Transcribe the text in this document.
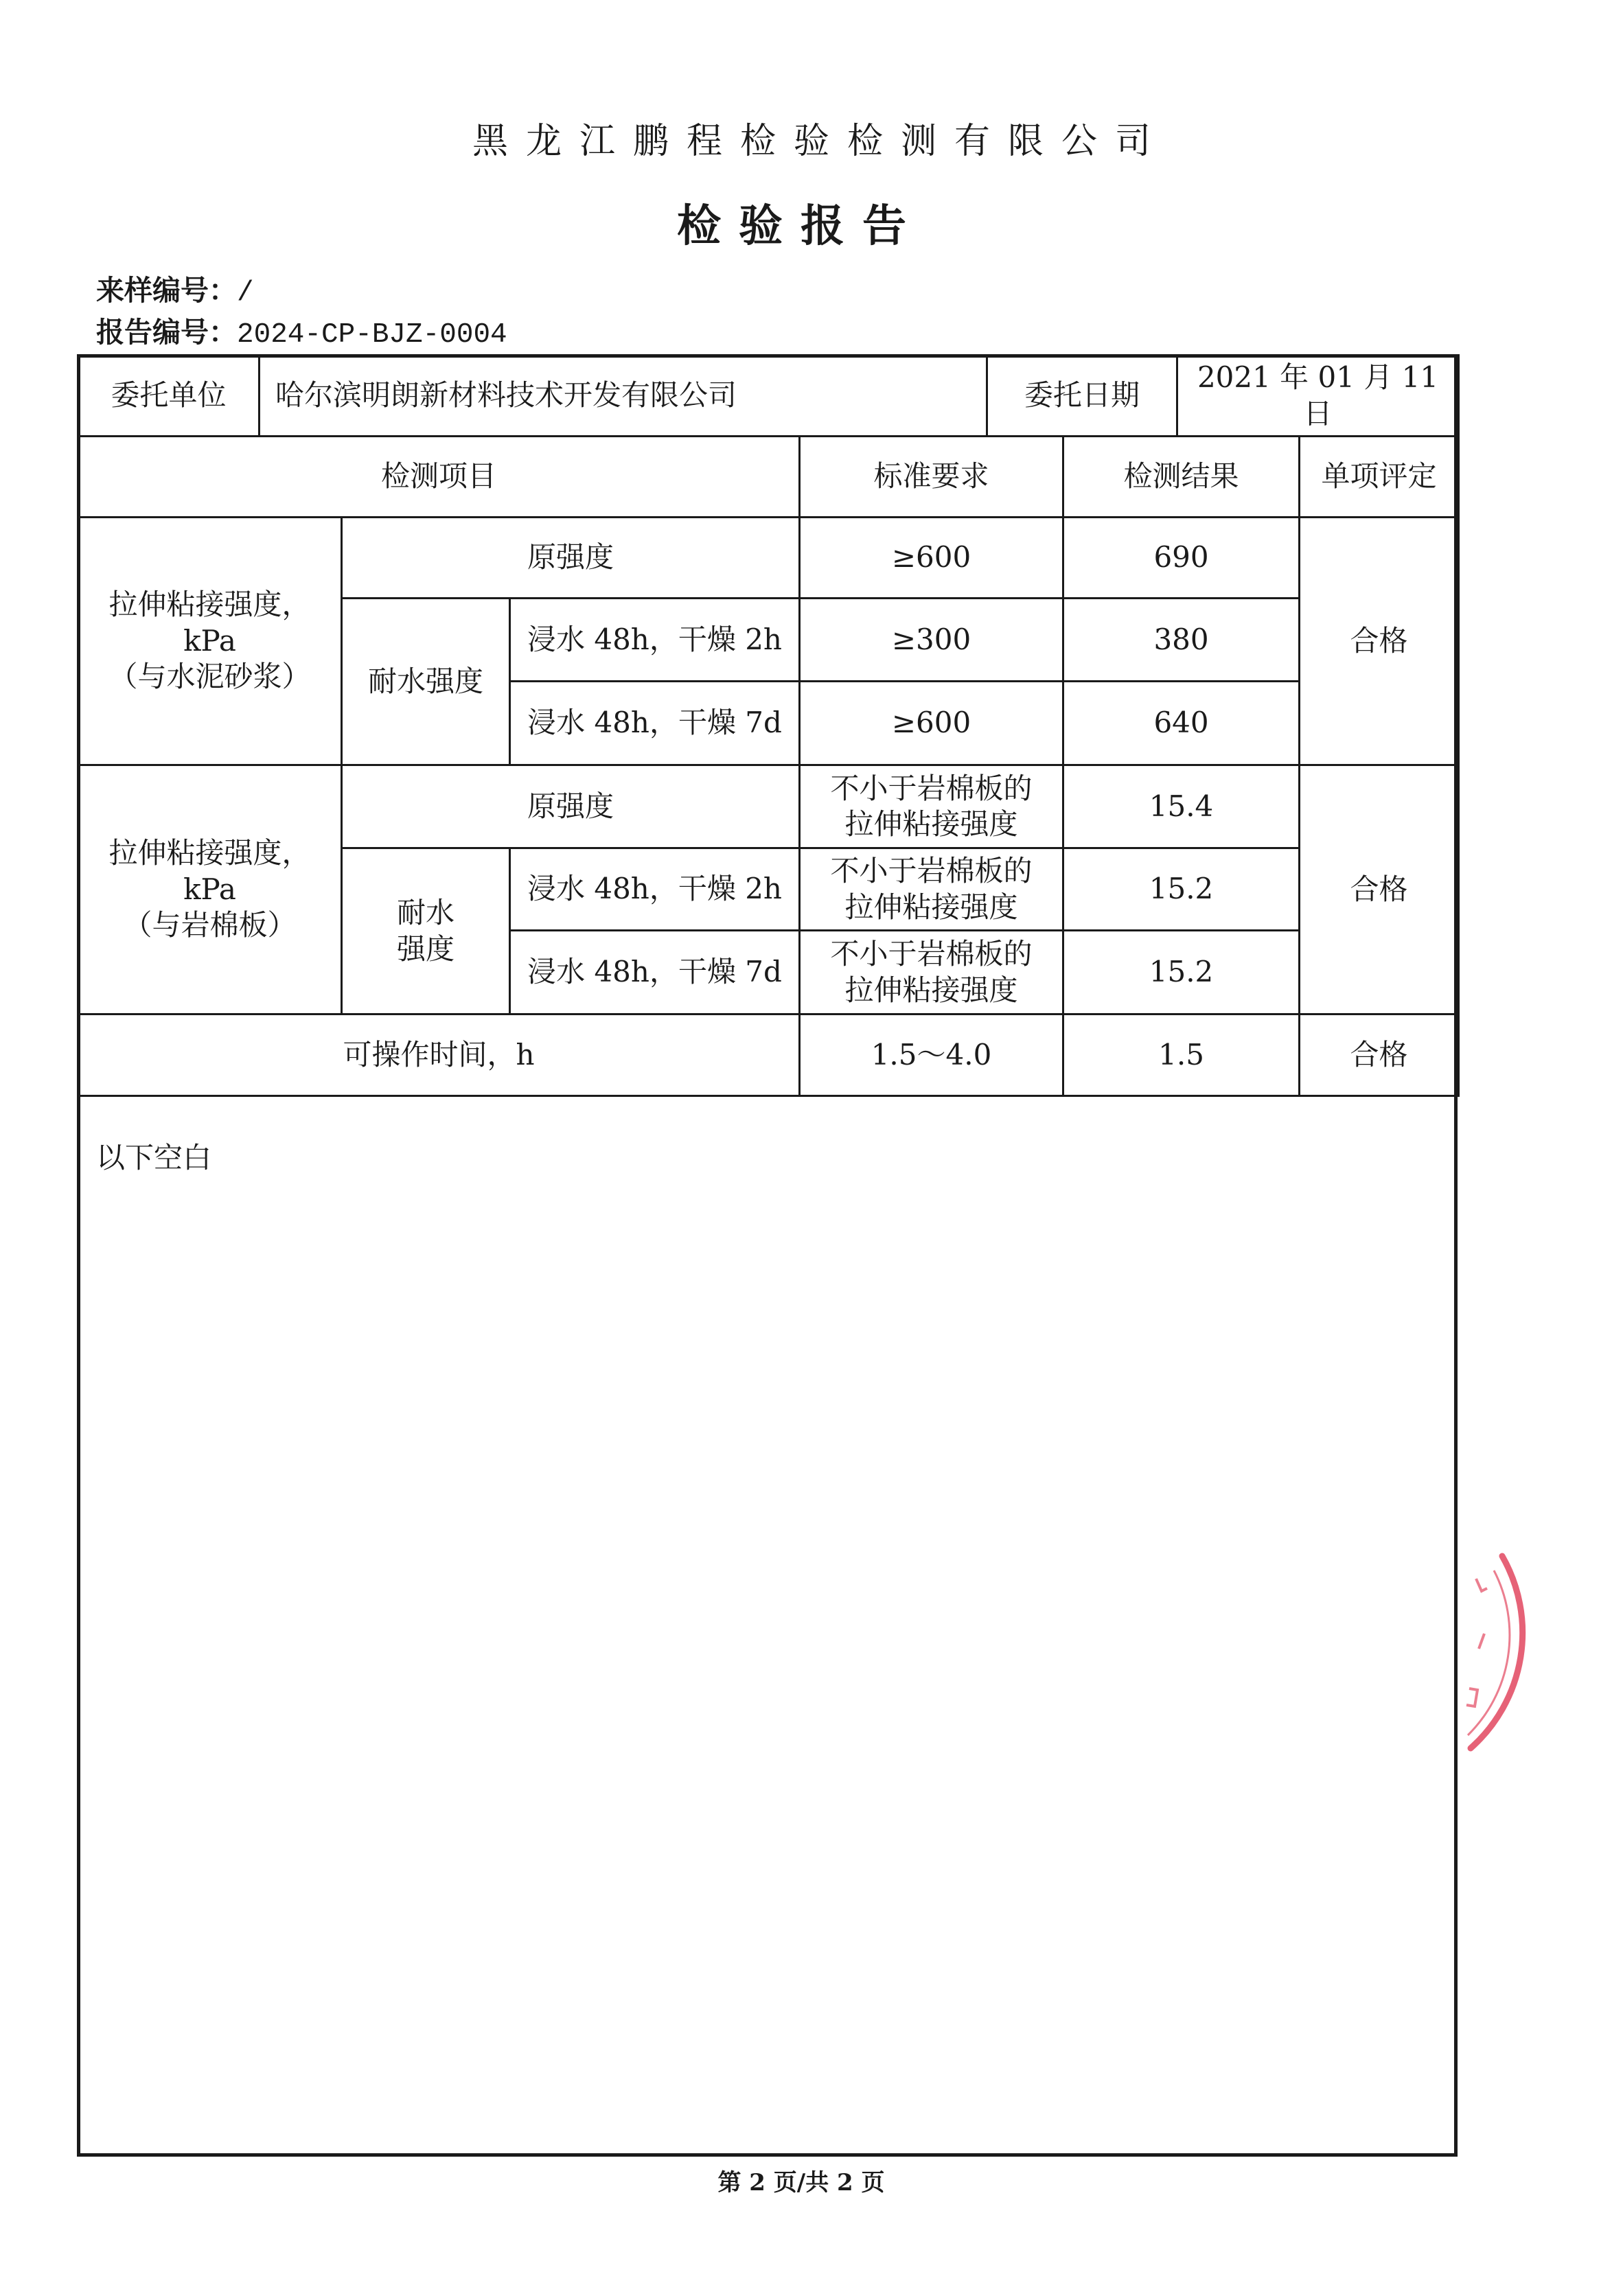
黑龙江鹏程检验检测有限公司
检验报告
来样编号：/
报告编号：2024-CP-BJZ-0004
委托单位	哈尔滨明朗新材料技术开发有限公司				委托日期		2021 年 01 月 11 日	
检测项目				标准要求		检测结果		单项评定
拉伸粘接强度，
kPa
（与水泥砂浆）		原强度		≥600		690		合格
		耐水强度	浸水 48h，干燥 2h	≥300		380		
			浸水 48h，干燥 7d	≥600		640		
拉伸粘接强度，
kPa
（与岩棉板）		原强度		不小于岩棉板的
拉伸粘接强度		15.4		合格
		耐水
强度	浸水 48h，干燥 2h	不小于岩棉板的
拉伸粘接强度		15.2		
			浸水 48h，干燥 7d	不小于岩棉板的
拉伸粘接强度		15.2		
可操作时间，h				1.5～4.0		1.5		合格
以下空白
第 2 页/共 2 页
